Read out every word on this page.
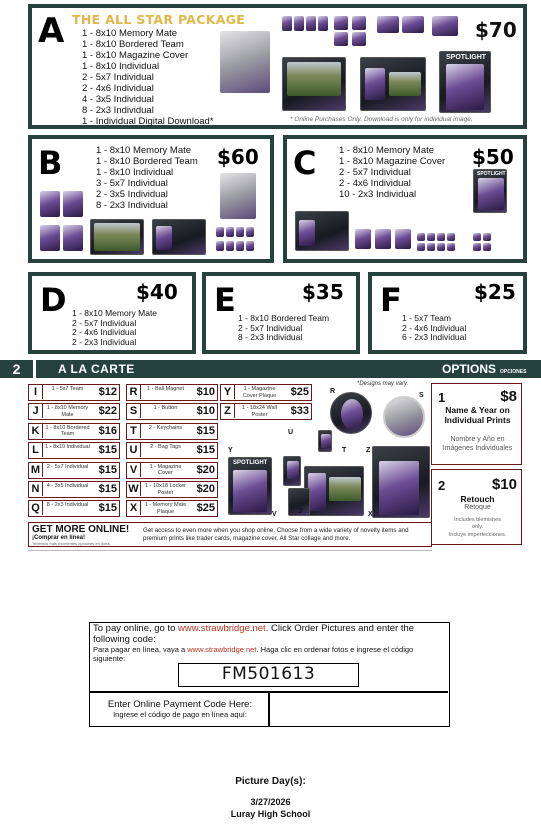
A THE ALL STAR PACKAGE
1 - 8x10 Memory Mate
1 - 8x10 Bordered Team
1 - 8x10 Magazine Cover
1 - 8x10 Individual
2 - 5x7 Individual
2 - 4x6 Individual
4 - 3x5 Individual
8 - 2x3 Individual
1 - Individual Digital Download*
$70
SPOTLIGHT
* Online Purchases Only. Download is only for individual image.
B	$60
1 - 8x10 Memory Mate
1 - 8x10 Bordered Team
1 - 8x10 Individual
3 - 5x7 Individual
2 - 3x5 Individual
8 - 2x3 Individual
C	$50
1 - 8x10 Memory Mate
1 - 8x10 Magazine Cover
2 - 5x7 Individual
2 - 4x6 Individual
10 - 2x3 Individual
SPOTLIGHT
D	$40
1 - 8x10 Memory Mate
2 - 5x7 Individual
2 - 4x6 Individual
2 - 2x3 Individual
E	$35
1 - 8x10 Bordered Team
2 - 5x7 Individual
8 - 2x3 Individual
F	$25
1 - 5x7 Team
2 - 4x6 Individual
6 - 2x3 Individual
2	A LA CARTE	OPTIONS OPCIONES
I	1 - 5x7 Team	$12
J	1 - 8x10 Memory Mate	$22
K	1 - 8x10 Bordered Team	$16
L	1 - 8x10 Individual $15
M	2 - 5x7 Individual $15
N	4 - 3x5 Individual $15
Q	8 - 2x3 Individual $15
R	1 - Ball Magnet	$10
S	1 - Button	$10
T	2 - Keychains	$15
U	2 - Bag Tags	$15
V	1 - Magazine Cover	$20
W	1 - 10x18 Locker Poster	$20
X	1 - Memory Mate Plaque	$25
Y	1 - Magazine Cover Plaque	$25
Z	1 - 18x24 Wall Poster	$33
*Designs may vary.
SPOTLIGHT
R
S
Y
U
T	Z
V	J	X
1	$8
Name & Year on Individual Prints
Nombre y Año en Imágenes Individuales
2	$10
Retouch
Retoque
Includes blemishes only.
Incluye imperfecciones.
GET MORE ONLINE!
¡Comprar en línea!
Tenemos más excelentes opciones en línea.
Get access to even more when you shop online. Choose from a wide variety of novelty items and premium prints like trader cards, magazine cover, All Star collage and more.
To pay online, go to www.strawbridge.net. Click Order Pictures and enter the following code:
Para pagar en línea, vaya a www.strawbridge.net. Haga clic en ordenar fotos e ingrese el código siguiente:
Enter Online Payment Code Here:
Ingrese el código de pago en línea aquí:
FM501613
Picture Day(s):
3/27/2026
Luray High School
